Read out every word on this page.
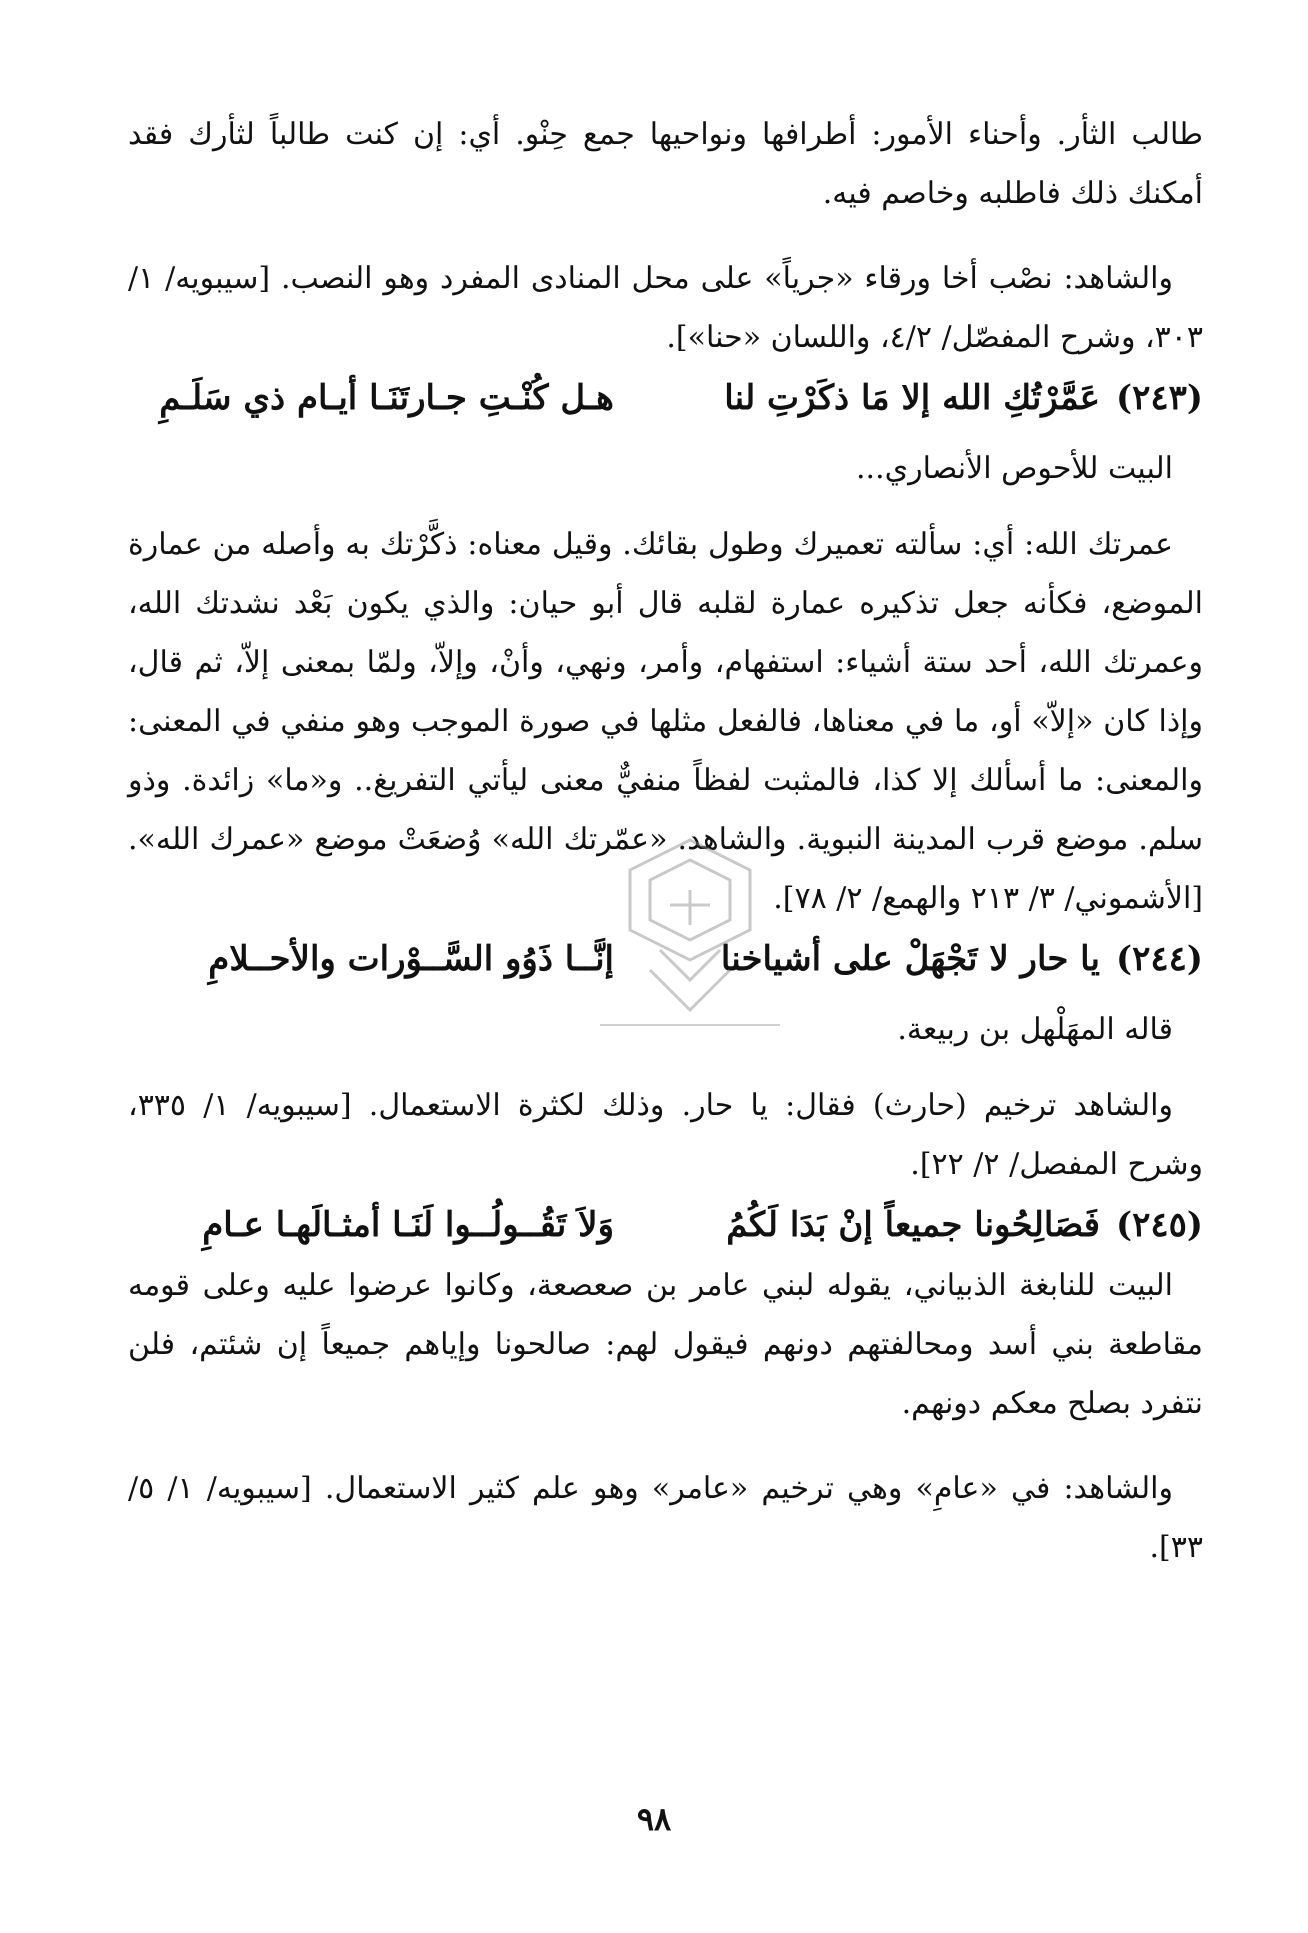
طالب الثأر. وأحناء الأمور: أطرافها ونواحيها جمع حِنْو. أي: إن كنت طالباً لثأرك فقد أمكنك ذلك فاطلبه وخاصم فيه.

والشاهد: نصْب أخا ورقاء «جرياً» على محل المنادى المفرد وهو النصب. [سيبويه/ ١/ ٣٠٣، وشرح المفصّل/ ٤/٢، واللسان «حنا»].

(٢٤٣)
عَمَّرْتُكِ الله إلا مَا ذكَرْتِ لنا
هـل كُنْـتِ جـارتَنَـا أيـام ذي سَلَـمِ

البيت للأحوص الأنصاري...

عمرتك الله: أي: سألته تعميرك وطول بقائك. وقيل معناه: ذكَّرْتك به وأصله من عمارة الموضع، فكأنه جعل تذكيره عمارة لقلبه قال أبو حيان: والذي يكون بَعْد نشدتك الله، وعمرتك الله، أحد ستة أشياء: استفهام، وأمر، ونهي، وأنْ، وإلاّ، ولمّا بمعنى إلاّ، ثم قال، وإذا كان «إلاّ» أو، ما في معناها، فالفعل مثلها في صورة الموجب وهو منفي في المعنى: والمعنى: ما أسألك إلا كذا، فالمثبت لفظاً منفيٌّ معنى ليأتي التفريغ.. و«ما» زائدة. وذو سلم. موضع قرب المدينة النبوية. والشاهد. «عمّرتك الله» وُضعَتْ موضع «عمرك الله». [الأشموني/ ٣/ ٢١٣ والهمع/ ٢/ ٧٨].

(٢٤٤)
يا حار لا تَجْهَلْ على أشياخنا
إنَّــا ذَوُو السَّــوْرات والأحــلامِ

قاله المهَلْهل بن ربيعة.

والشاهد ترخيم (حارث) فقال: يا حار. وذلك لكثرة الاستعمال. [سيبويه/ ١/ ٣٣٥، وشرح المفصل/ ٢/ ٢٢].

(٢٤٥)
فَصَالِحُونا جميعاً إنْ بَدَا لَكُمُ
وَلاَ تَقُــولُــوا لَنَـا أمثـالَهـا عـامِ

البيت للنابغة الذبياني، يقوله لبني عامر بن صعصعة، وكانوا عرضوا عليه وعلى قومه مقاطعة بني أسد ومحالفتهم دونهم فيقول لهم: صالحونا وإياهم جميعاً إن شئتم، فلن نتفرد بصلح معكم دونهم.

والشاهد: في «عامِ» وهي ترخيم «عامر» وهو علم كثير الاستعمال. [سيبويه/ ١/ ٥/ ٣٣].

٩٨
